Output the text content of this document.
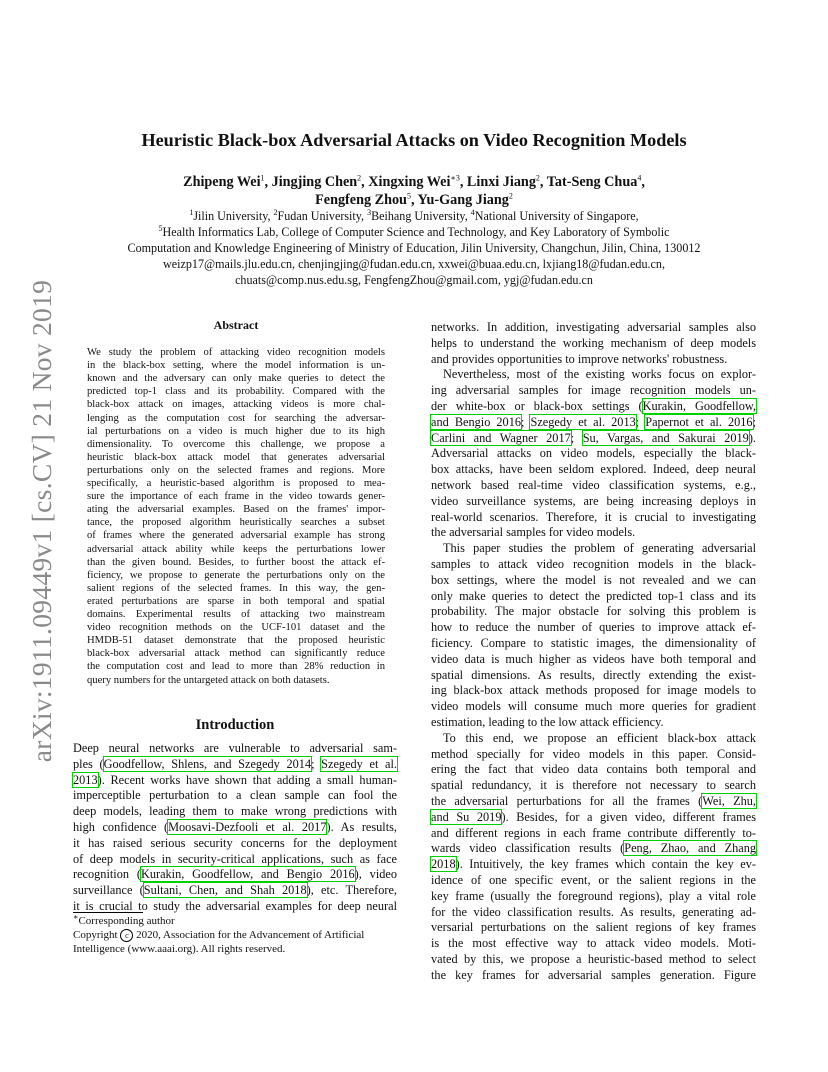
arXiv:1911.09449v1 [cs.CV] 21 Nov 2019
Heuristic Black-box Adversarial Attacks on Video Recognition Models
Zhipeng Wei$^1$, Jingjing Chen$^2$, Xingxing Wei$^{∗3}$, Linxi Jiang$^2$, Tat-Seng Chua$^4$,
Fengfeng Zhou$^5$, Yu-Gang Jiang$^2$
$^1$Jilin University, $^2$Fudan University, $^3$Beihang University, $^4$National University of Singapore,
$^5$Health Informatics Lab, College of Computer Science and Technology, and Key Laboratory of Symbolic
Computation and Knowledge Engineering of Ministry of Education, Jilin University, Changchun, Jilin, China, 130012
weizp17@mails.jlu.edu.cn, chenjingjing@fudan.edu.cn, xxwei@buaa.edu.cn, lxjiang18@fudan.edu.cn,
chuats@comp.nus.edu.sg, FengfengZhou@gmail.com, ygj@fudan.edu.cn
Abstract
We study the problem of attacking video recognition models
in the black-box setting, where the model information is un-
known and the adversary can only make queries to detect the
predicted top-1 class and its probability. Compared with the
black-box attack on images, attacking videos is more chal-
lenging as the computation cost for searching the adversar-
ial perturbations on a video is much higher due to its high
dimensionality. To overcome this challenge, we propose a
heuristic black-box attack model that generates adversarial
perturbations only on the selected frames and regions. More
specifically, a heuristic-based algorithm is proposed to mea-
sure the importance of each frame in the video towards gener-
ating the adversarial examples. Based on the frames' impor-
tance, the proposed algorithm heuristically searches a subset
of frames where the generated adversarial example has strong
adversarial attack ability while keeps the perturbations lower
than the given bound. Besides, to further boost the attack ef-
ficiency, we propose to generate the perturbations only on the
salient regions of the selected frames. In this way, the gen-
erated perturbations are sparse in both temporal and spatial
domains. Experimental results of attacking two mainstream
video recognition methods on the UCF-101 dataset and the
HMDB-51 dataset demonstrate that the proposed heuristic
black-box adversarial attack method can significantly reduce
the computation cost and lead to more than 28% reduction in
query numbers for the untargeted attack on both datasets.
Introduction
Deep neural networks are vulnerable to adversarial sam-
ples (Goodfellow, Shlens, and Szegedy 2014; Szegedy et al.
2013). Recent works have shown that adding a small human-
imperceptible perturbation to a clean sample can fool the
deep models, leading them to make wrong predictions with
high confidence (Moosavi-Dezfooli et al. 2017). As results,
it has raised serious security concerns for the deployment
of deep models in security-critical applications, such as face
recognition (Kurakin, Goodfellow, and Bengio 2016), video
surveillance (Sultani, Chen, and Shah 2018), etc. Therefore,
it is crucial to study the adversarial examples for deep neural
networks. In addition, investigating adversarial samples also
helps to understand the working mechanism of deep models
and provides opportunities to improve networks' robustness.
Nevertheless, most of the existing works focus on explor-
ing adversarial samples for image recognition models un-
der white-box or black-box settings (Kurakin, Goodfellow,
and Bengio 2016; Szegedy et al. 2013; Papernot et al. 2016;
Carlini and Wagner 2017; Su, Vargas, and Sakurai 2019).
Adversarial attacks on video models, especially the black-
box attacks, have been seldom explored. Indeed, deep neural
network based real-time video classification systems, e.g.,
video surveillance systems, are being increasing deploys in
real-world scenarios. Therefore, it is crucial to investigating
the adversarial samples for video models.
This paper studies the problem of generating adversarial
samples to attack video recognition models in the black-
box settings, where the model is not revealed and we can
only make queries to detect the predicted top-1 class and its
probability. The major obstacle for solving this problem is
how to reduce the number of queries to improve attack ef-
ficiency. Compare to statistic images, the dimensionality of
video data is much higher as videos have both temporal and
spatial dimensions. As results, directly extending the exist-
ing black-box attack methods proposed for image models to
video models will consume much more queries for gradient
estimation, leading to the low attack efficiency.
To this end, we propose an efficient black-box attack
method specially for video models in this paper. Consid-
ering the fact that video data contains both temporal and
spatial redundancy, it is therefore not necessary to search
the adversarial perturbations for all the frames (Wei, Zhu,
and Su 2019). Besides, for a given video, different frames
and different regions in each frame contribute differently to-
wards video classification results (Peng, Zhao, and Zhang
2018). Intuitively, the key frames which contain the key ev-
idence of one specific event, or the salient regions in the
key frame (usually the foreground regions), play a vital role
for the video classification results. As results, generating ad-
versarial perturbations on the salient regions of key frames
is the most effective way to attack video models. Moti-
vated by this, we propose a heuristic-based method to select
the key frames for adversarial samples generation. Figure
∗Corresponding author
Copyright c 2020, Association for the Advancement of Artificial
Intelligence (www.aaai.org). All rights reserved.
